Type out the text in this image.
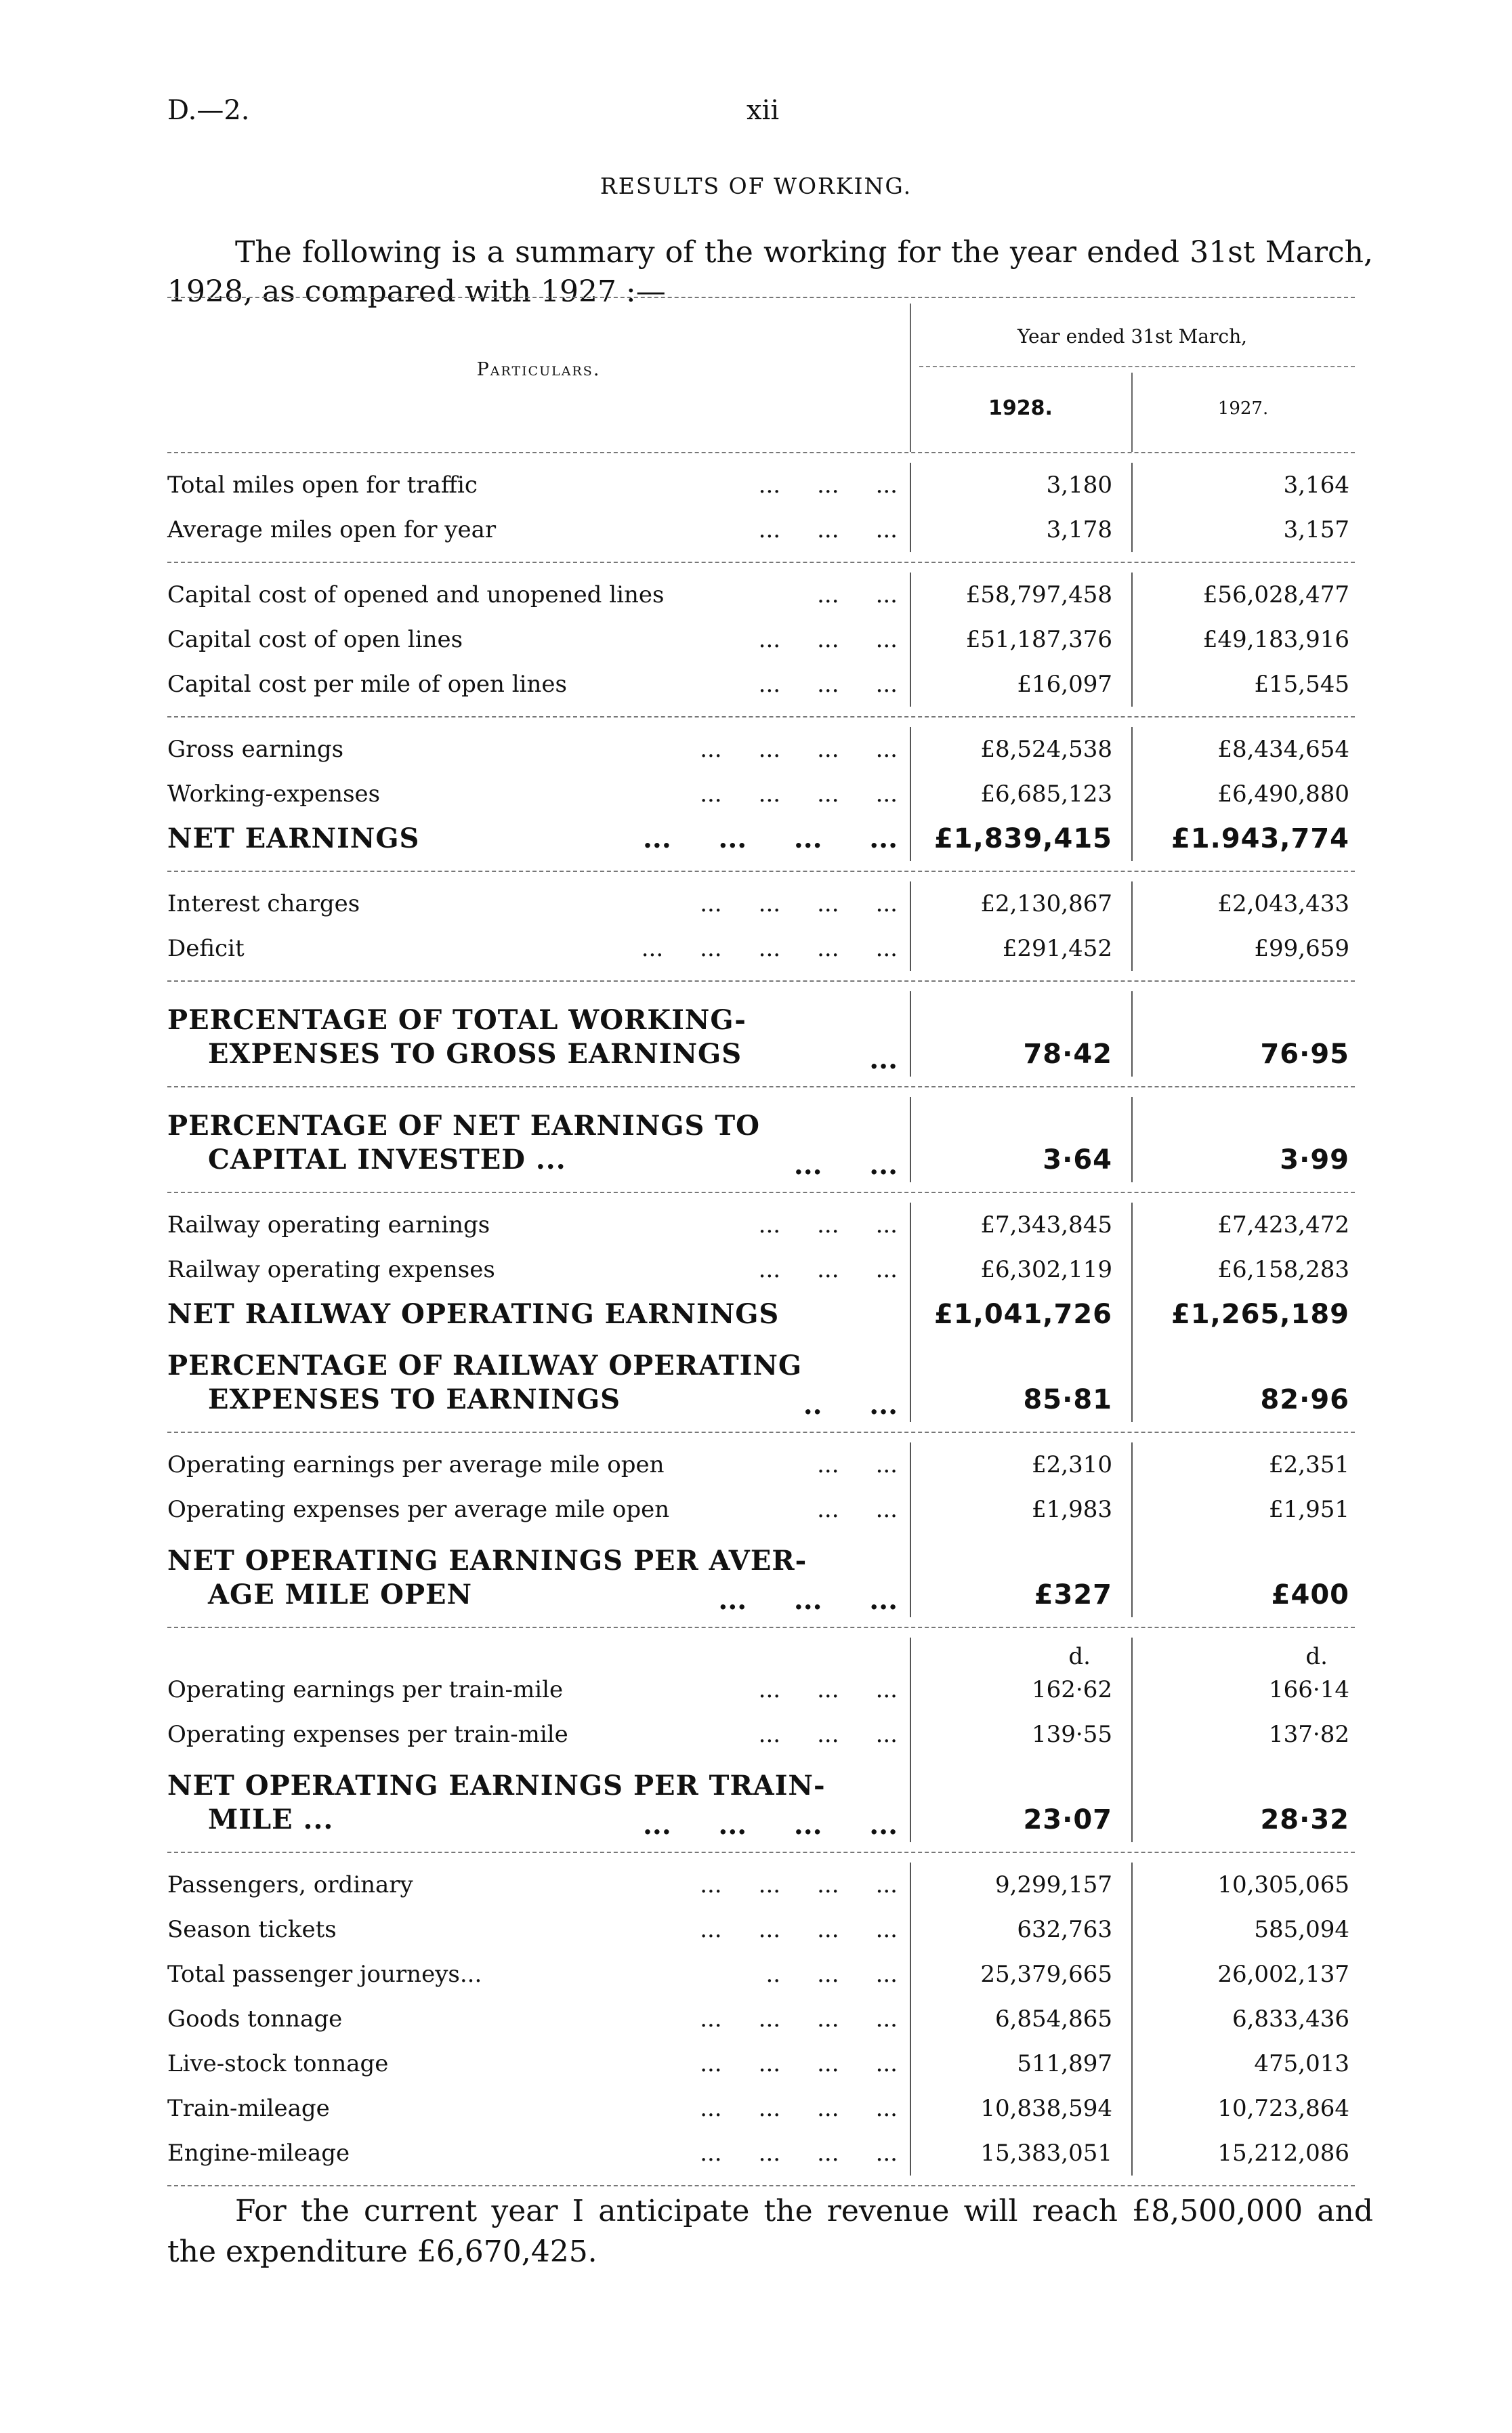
D.—2.	xii
RESULTS OF WORKING.

The following is a summary of the working for the year ended 31st March, 1928, as compared with 1927 :—

Particulars.
Year ended 31st March,
1928.	1927.
Total miles open for traffic	...     ...     ...	3,180	3,164
Average miles open for year	...     ...     ...	3,178	3,157
Capital cost of opened and unopened lines	...     ...	£58,797,458	£56,028,477
Capital cost of open lines	...     ...     ...	£51,187,376	£49,183,916
Capital cost per mile of open lines	...     ...     ...	£16,097	£15,545
Gross earnings	...     ...     ...     ...	£8,524,538	£8,434,654
Working-expenses	...     ...     ...     ...	£6,685,123	£6,490,880
NET EARNINGS	...     ...     ...     ...	£1,839,415	£1.943,774
Interest charges	...     ...     ...     ...	£2,130,867	£2,043,433
Deficit	...     ...     ...     ...     ...	£291,452	£99,659
PERCENTAGE OF TOTAL WORKING-
EXPENSES TO GROSS EARNINGS	...	78·42	76·95
PERCENTAGE OF NET EARNINGS TO
CAPITAL INVESTED ...	...     ...	3·64	3·99
Railway operating earnings	...     ...     ...	£7,343,845	£7,423,472
Railway operating expenses	...     ...     ...	£6,302,119	£6,158,283
NET RAILWAY OPERATING EARNINGS	£1,041,726	£1,265,189
PERCENTAGE OF RAILWAY OPERATING
EXPENSES TO EARNINGS	..     ...	85·81	82·96
Operating earnings per average mile open	...     ...	£2,310	£2,351
Operating expenses per average mile open	...     ...	£1,983	£1,951
NET OPERATING EARNINGS PER AVER-
AGE MILE OPEN	...     ...     ...	£327	£400
d.	d.
Operating earnings per train-mile	...     ...     ...	162·62	166·14
Operating expenses per train-mile	...     ...     ...	139·55	137·82
NET OPERATING EARNINGS PER TRAIN-
MILE ...	...     ...     ...     ...	23·07	28·32
Passengers, ordinary	...     ...     ...     ...	9,299,157	10,305,065
Season tickets	...     ...     ...     ...	632,763	585,094
Total passenger journeys...	..     ...     ...	25,379,665	26,002,137
Goods tonnage	...     ...     ...     ...	6,854,865	6,833,436
Live-stock tonnage	...     ...     ...     ...	511,897	475,013
Train-mileage	...     ...     ...     ...	10,838,594	10,723,864
Engine-mileage	...     ...     ...     ...	15,383,051	15,212,086

For the current year I anticipate the revenue will reach £8,500,000 and the expenditure £6,670,425.
